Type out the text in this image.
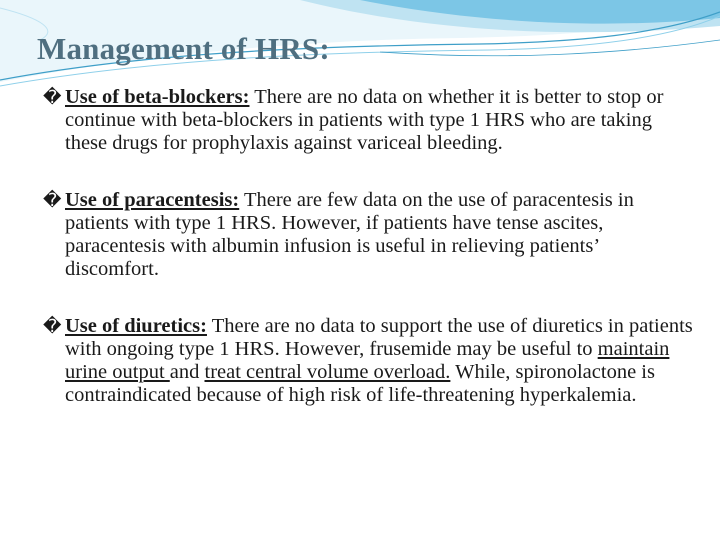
Management of HRS:

� Use of beta-blockers: There are no data on whether it is better to stop or continue with beta-blockers in patients with type 1 HRS who are taking these drugs for prophylaxis against variceal bleeding.

� Use of paracentesis: There are few data on the use of paracentesis in patients with type 1 HRS. However, if patients have tense ascites, paracentesis with albumin infusion is useful in relieving patients’ discomfort.

� Use of diuretics: There are no data to support the use of diuretics in patients with ongoing type 1 HRS. However, frusemide may be useful to maintain urine output and treat central volume overload. While, spironolactone is contraindicated because of high risk of life-threatening hyperkalemia.
